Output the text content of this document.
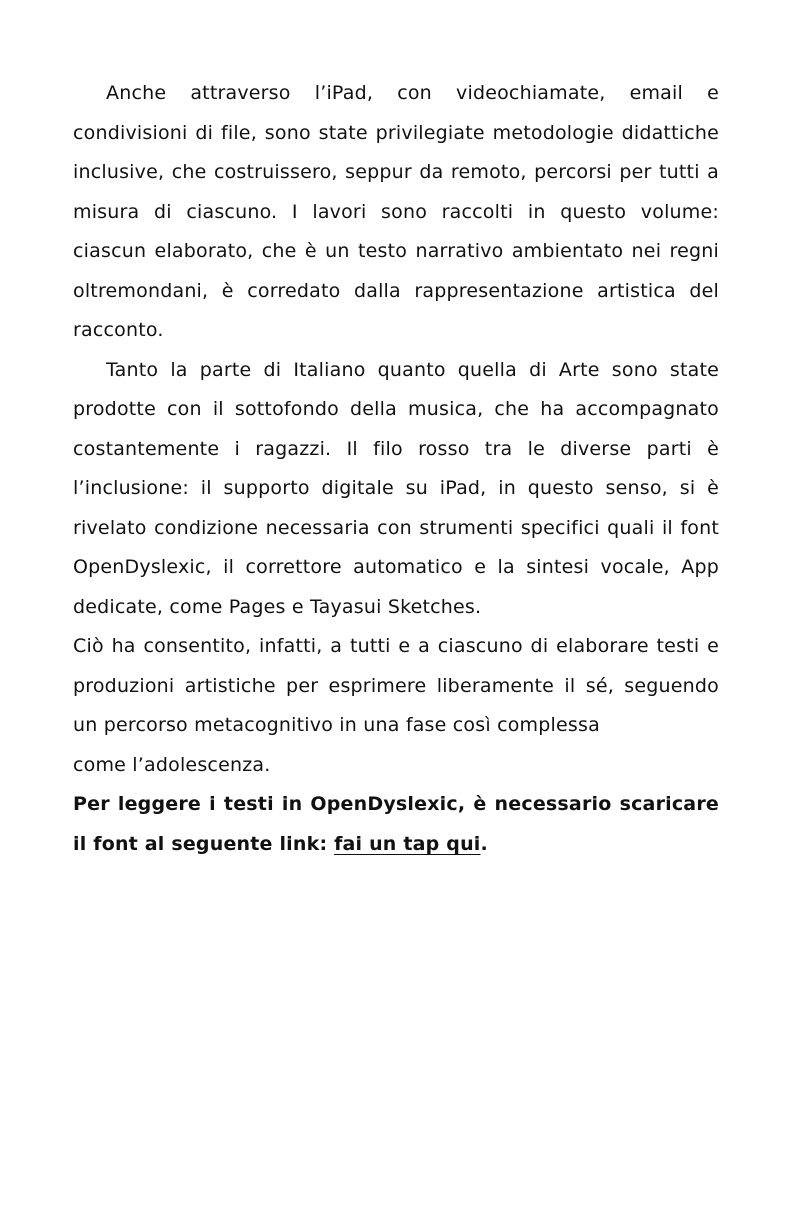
Anche attraverso l’iPad, con videochiamate, email e condivisioni di file, sono state privilegiate metodologie didattiche inclusive, che costruissero, seppur da remoto, percorsi per tutti a misura di ciascuno. I lavori sono raccolti in questo volume: ciascun elaborato, che è un testo narrativo ambientato nei regni oltremondani, è corredato dalla rappresentazione artistica del racconto.

Tanto la parte di Italiano quanto quella di Arte sono state prodotte con il sottofondo della musica, che ha accompagnato costantemente i ragazzi. Il filo rosso tra le diverse parti è l’inclusione: il supporto digitale su iPad, in questo senso, si è rivelato condizione necessaria con strumenti specifici quali il font OpenDyslexic, il correttore automatico e la sintesi vocale, App dedicate, come Pages e Tayasui Sketches.

Ciò ha consentito, infatti, a tutti e a ciascuno di elaborare testi e produzioni artistiche per esprimere liberamente il sé, seguendo un percorso metacognitivo in una fase così complessa

come l’adolescenza.

Per leggere i testi in OpenDyslexic, è necessario scaricare il font al seguente link: fai un tap qui.
